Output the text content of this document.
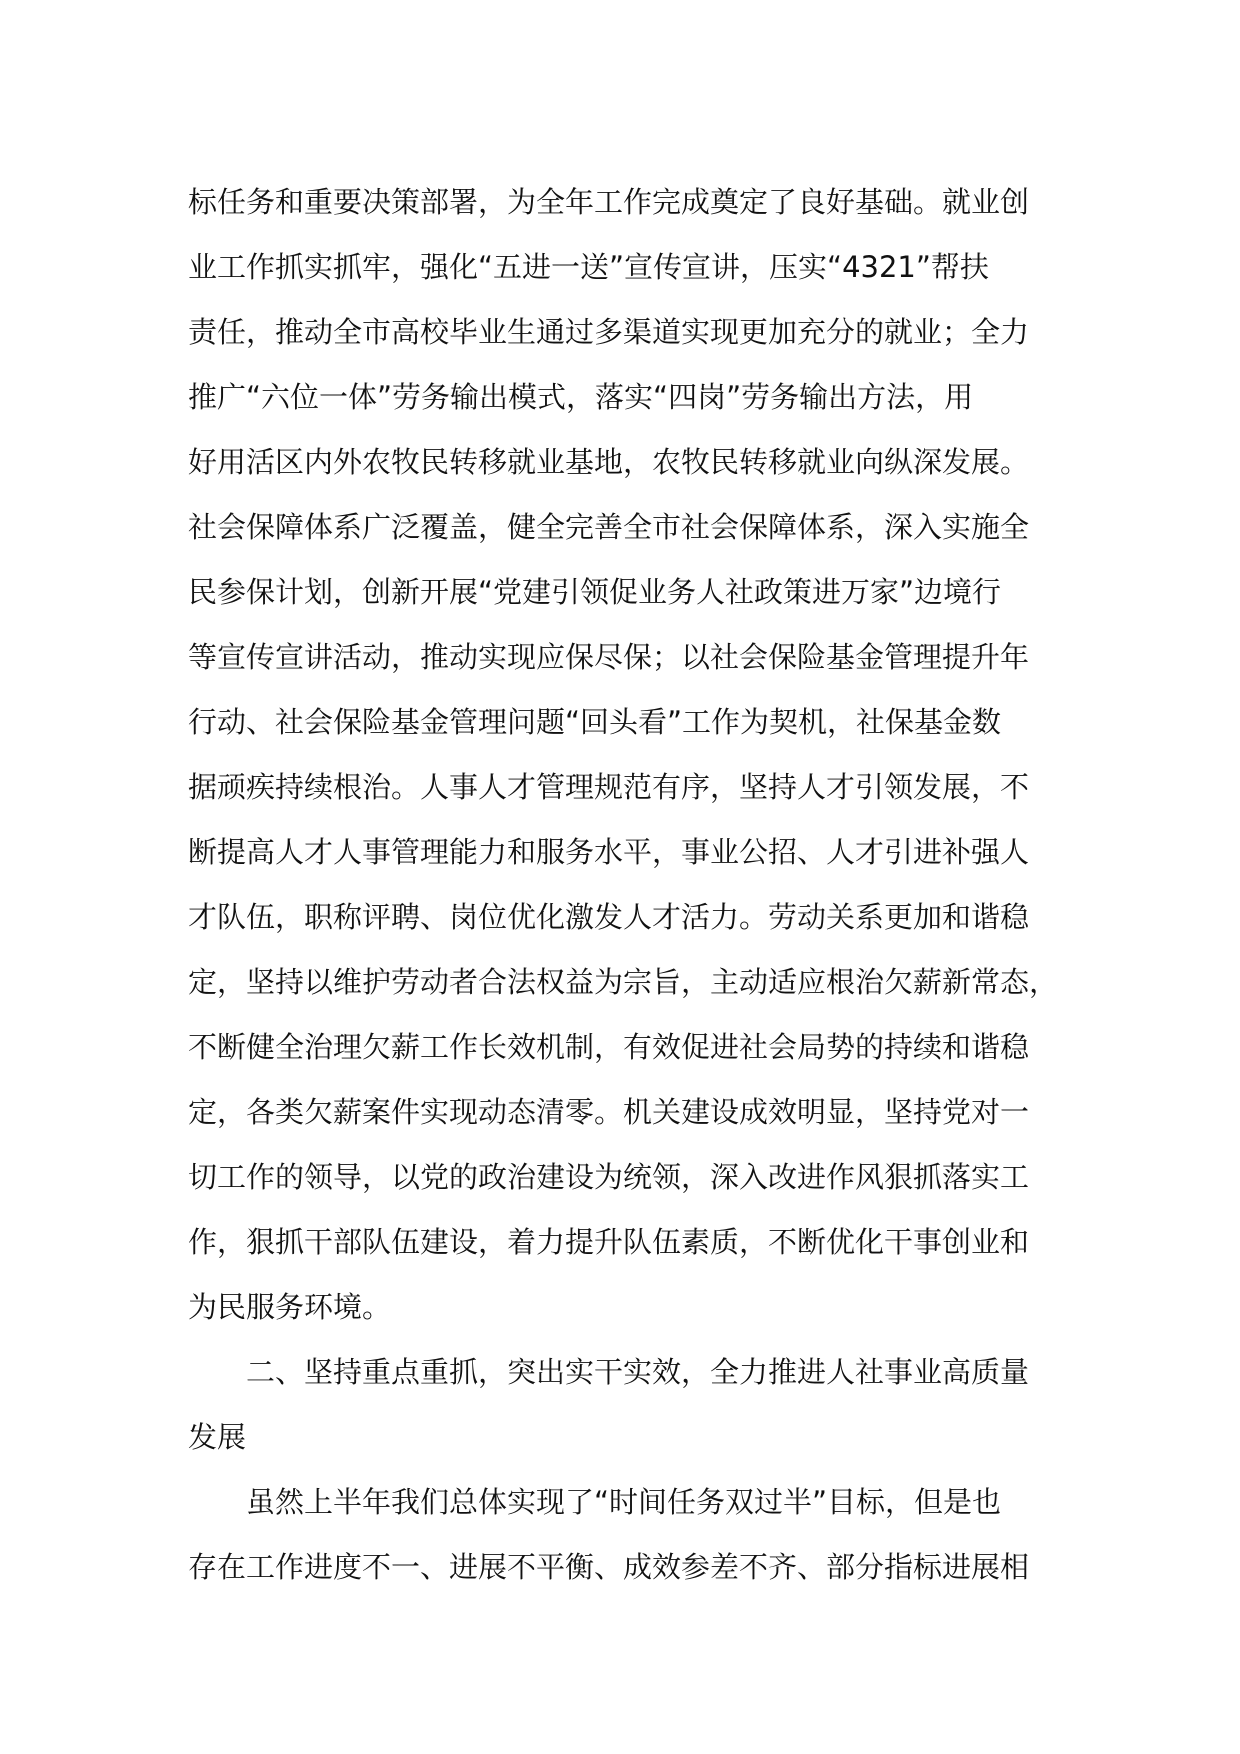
标任务和重要决策部署，为全年工作完成奠定了良好基础。就业创
业工作抓实抓牢，强化“五进一送”宣传宣讲，压实“4321”帮扶
责任，推动全市高校毕业生通过多渠道实现更加充分的就业；全力
推广“六位一体”劳务输出模式，落实“四岗”劳务输出方法，用
好用活区内外农牧民转移就业基地，农牧民转移就业向纵深发展。
社会保障体系广泛覆盖，健全完善全市社会保障体系，深入实施全
民参保计划，创新开展“党建引领促业务人社政策进万家”边境行
等宣传宣讲活动，推动实现应保尽保；以社会保险基金管理提升年
行动、社会保险基金管理问题“回头看”工作为契机，社保基金数
据顽疾持续根治。人事人才管理规范有序，坚持人才引领发展，不
断提高人才人事管理能力和服务水平，事业公招、人才引进补强人
才队伍，职称评聘、岗位优化激发人才活力。劳动关系更加和谐稳
定，坚持以维护劳动者合法权益为宗旨，主动适应根治欠薪新常态，
不断健全治理欠薪工作长效机制，有效促进社会局势的持续和谐稳
定，各类欠薪案件实现动态清零。机关建设成效明显，坚持党对一
切工作的领导，以党的政治建设为统领，深入改进作风狠抓落实工
作，狠抓干部队伍建设，着力提升队伍素质，不断优化干事创业和
为民服务环境。
二、坚持重点重抓，突出实干实效，全力推进人社事业高质量
发展
虽然上半年我们总体实现了“时间任务双过半”目标，但是也
存在工作进度不一、进展不平衡、成效参差不齐、部分指标进展相
